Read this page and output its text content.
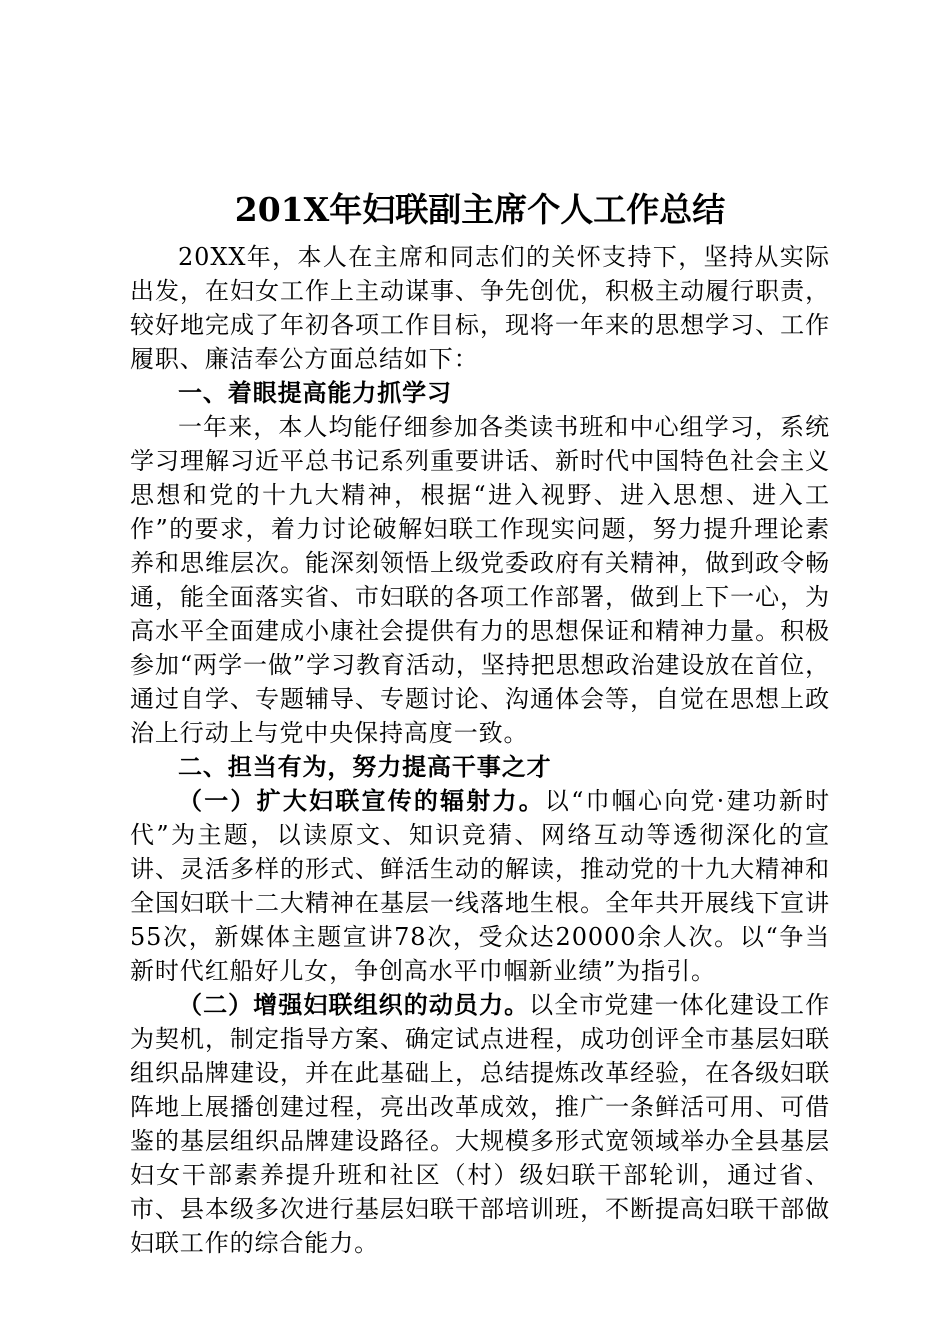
201X年妇联副主席个人工作总结

20XX年，本人在主席和同志们的关怀支持下，坚持从实际出发，在妇女工作上主动谋事、争先创优，积极主动履行职责，较好地完成了年初各项工作目标，现将一年来的思想学习、工作履职、廉洁奉公方面总结如下：

一、着眼提高能力抓学习

一年来，本人均能仔细参加各类读书班和中心组学习，系统学习理解习近平总书记系列重要讲话、新时代中国特色社会主义思想和党的十九大精神，根据“进入视野、进入思想、进入工作”的要求，着力讨论破解妇联工作现实问题，努力提升理论素养和思维层次。能深刻领悟上级党委政府有关精神，做到政令畅通，能全面落实省、市妇联的各项工作部署，做到上下一心，为高水平全面建成小康社会提供有力的思想保证和精神力量。积极参加“两学一做”学习教育活动，坚持把思想政治建设放在首位，通过自学、专题辅导、专题讨论、沟通体会等，自觉在思想上政治上行动上与党中央保持高度一致。

二、担当有为，努力提高干事之才

（一）扩大妇联宣传的辐射力。以“巾帼心向党·建功新时代”为主题，以读原文、知识竞猜、网络互动等透彻深化的宣讲、灵活多样的形式、鲜活生动的解读，推动党的十九大精神和全国妇联十二大精神在基层一线落地生根。全年共开展线下宣讲55次，新媒体主题宣讲78次，受众达20000余人次。以“争当新时代红船好儿女，争创高水平巾帼新业绩”为指引。

（二）增强妇联组织的动员力。以全市党建一体化建设工作为契机，制定指导方案、确定试点进程，成功创评全市基层妇联组织品牌建设，并在此基础上，总结提炼改革经验，在各级妇联阵地上展播创建过程，亮出改革成效，推广一条鲜活可用、可借鉴的基层组织品牌建设路径。大规模多形式宽领域举办全县基层妇女干部素养提升班和社区（村）级妇联干部轮训，通过省、市、县本级多次进行基层妇联干部培训班，不断提高妇联干部做妇联工作的综合能力。
